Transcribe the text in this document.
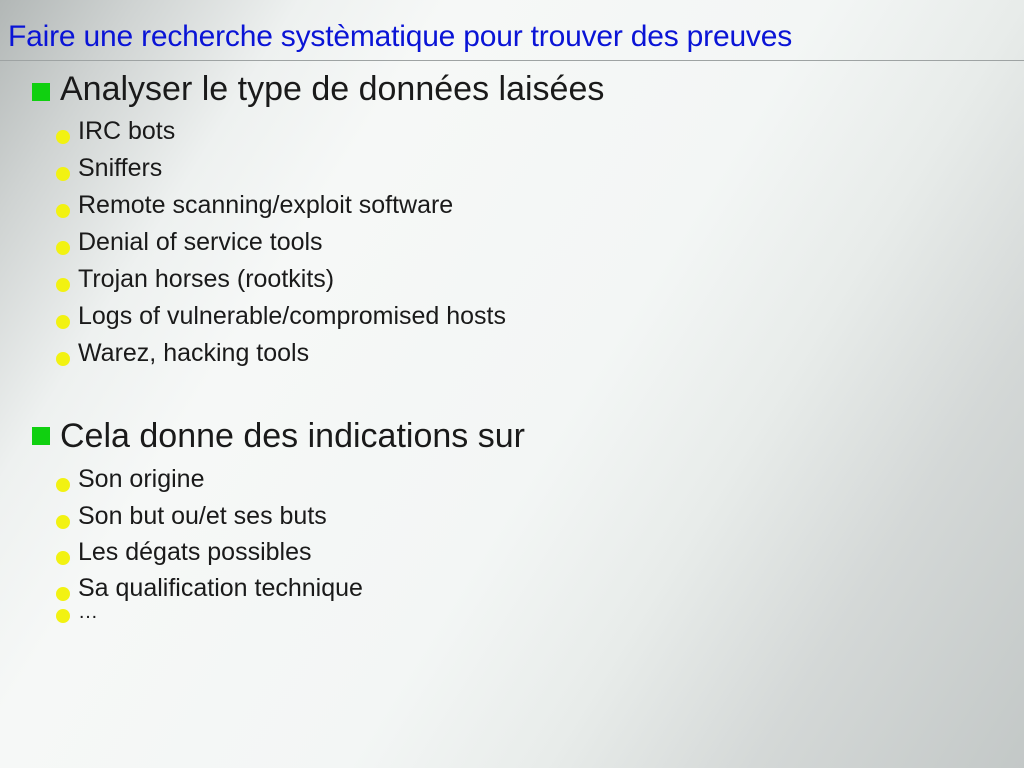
Faire une recherche systèmatique pour trouver des preuves
Analyser le type de données laisées
IRC bots
Sniffers
Remote scanning/exploit software
Denial of service tools
Trojan horses (rootkits)
Logs of vulnerable/compromised hosts
Warez, hacking tools
Cela donne des indications sur
Son origine
Son but ou/et ses buts
Les dégats possibles
Sa qualification technique
…
